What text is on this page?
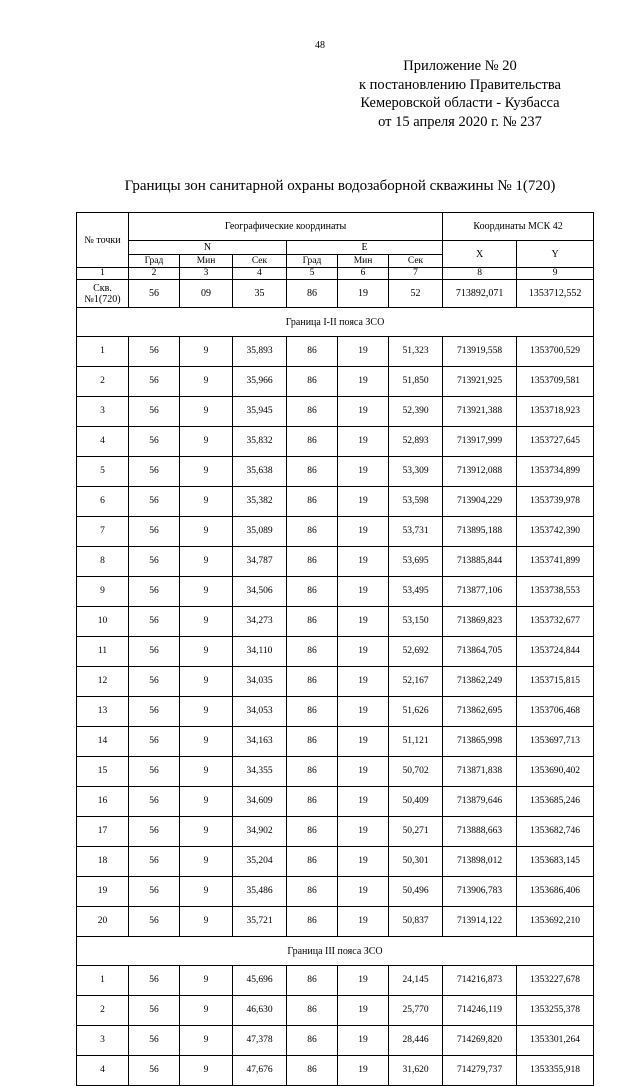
48
Приложение № 20
к постановлению Правительства
Кемеровской области - Кузбасса
от 15 апреля 2020 г. № 237
Границы зон санитарной охраны водозаборной скважины № 1(720)
№ точки	Географические координаты						Координаты МСК 42	
	N			E			X	Y
	Град	Мин	Сек	Град	Мин	Сек		
1	2	3	4	5	6	7	8	9
Скв. №1(720)	56	09	35	86	19	52	713892,071	1353712,552
Граница I-II пояса ЗСО								
1	56	9	35,893	86	19	51,323	713919,558	1353700,529
2	56	9	35,966	86	19	51,850	713921,925	1353709,581
3	56	9	35,945	86	19	52,390	713921,388	1353718,923
4	56	9	35,832	86	19	52,893	713917,999	1353727,645
5	56	9	35,638	86	19	53,309	713912,088	1353734,899
6	56	9	35,382	86	19	53,598	713904,229	1353739,978
7	56	9	35,089	86	19	53,731	713895,188	1353742,390
8	56	9	34,787	86	19	53,695	713885,844	1353741,899
9	56	9	34,506	86	19	53,495	713877,106	1353738,553
10	56	9	34,273	86	19	53,150	713869,823	1353732,677
11	56	9	34,110	86	19	52,692	713864,705	1353724,844
12	56	9	34,035	86	19	52,167	713862,249	1353715,815
13	56	9	34,053	86	19	51,626	713862,695	1353706,468
14	56	9	34,163	86	19	51,121	713865,998	1353697,713
15	56	9	34,355	86	19	50,702	713871,838	1353690,402
16	56	9	34,609	86	19	50,409	713879,646	1353685,246
17	56	9	34,902	86	19	50,271	713888,663	1353682,746
18	56	9	35,204	86	19	50,301	713898,012	1353683,145
19	56	9	35,486	86	19	50,496	713906,783	1353686,406
20	56	9	35,721	86	19	50,837	713914,122	1353692,210
Граница III пояса ЗСО								
1	56	9	45,696	86	19	24,145	714216,873	1353227,678
2	56	9	46,630	86	19	25,770	714246,119	1353255,378
3	56	9	47,378	86	19	28,446	714269,820	1353301,264
4	56	9	47,676	86	19	31,620	714279,737	1353355,918
